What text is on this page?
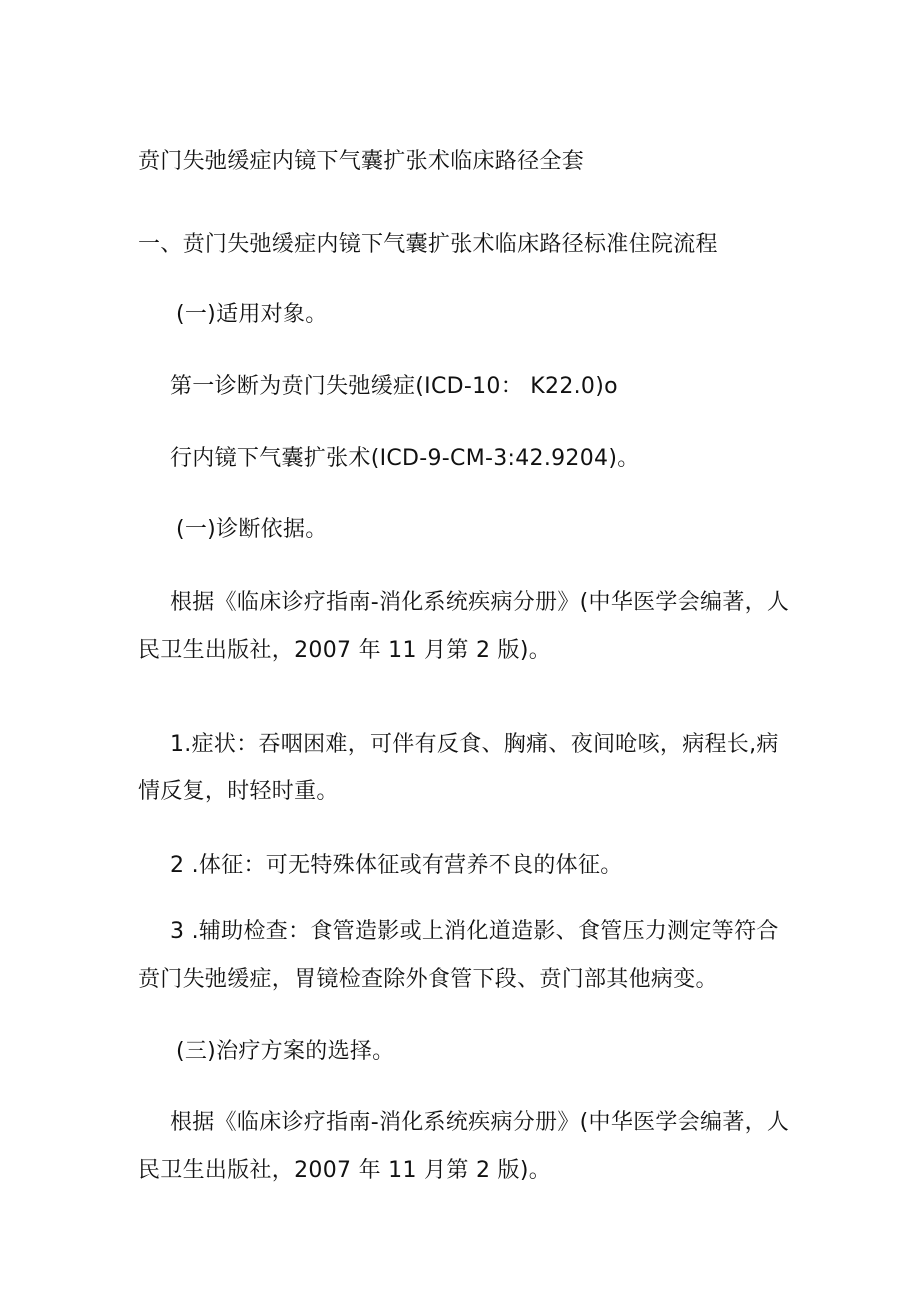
贲门失弛缓症内镜下气囊扩张术临床路径全套
一、贲门失弛缓症内镜下气囊扩张术临床路径标准住院流程
(一)适用对象。
第一诊断为贲门失弛缓症(ICD-10： K22.0)o
行内镜下气囊扩张术(ICD-9-CM-3:42.9204)。
(一)诊断依据。
根据《临床诊疗指南-消化系统疾病分册》(中华医学会编著，人
民卫生出版社，2007 年 11 月第 2 版)。
1.症状：吞咽困难，可伴有反食、胸痛、夜间呛咳，病程长,病
情反复，时轻时重。
2 .体征：可无特殊体征或有营养不良的体征。
3 .辅助检查：食管造影或上消化道造影、食管压力测定等符合
贲门失弛缓症，胃镜检查除外食管下段、贲门部其他病变。
(三)治疗方案的选择。
根据《临床诊疗指南-消化系统疾病分册》(中华医学会编著，人
民卫生出版社，2007 年 11 月第 2 版)。
